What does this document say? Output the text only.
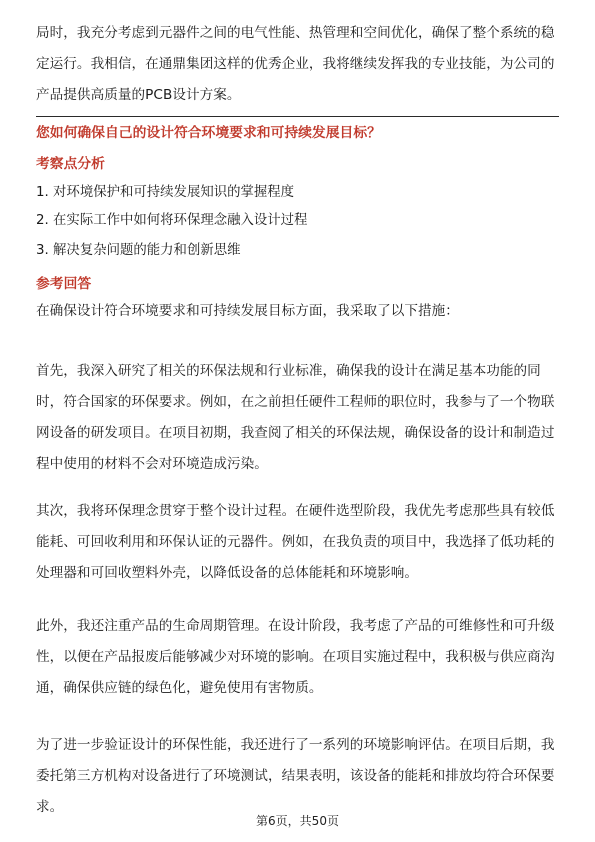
局时，我充分考虑到元器件之间的电气性能、热管理和空间优化，确保了整个系统的稳定运行。我相信，在通鼎集团这样的优秀企业，我将继续发挥我的专业技能，为公司的产品提供高质量的PCB设计方案。

您如何确保自己的设计符合环境要求和可持续发展目标？

考察点分析

1. 对环境保护和可持续发展知识的掌握程度

2. 在实际工作中如何将环保理念融入设计过程

3. 解决复杂问题的能力和创新思维

参考回答

在确保设计符合环境要求和可持续发展目标方面，我采取了以下措施：

首先，我深入研究了相关的环保法规和行业标准，确保我的设计在满足基本功能的同时，符合国家的环保要求。例如，在之前担任硬件工程师的职位时，我参与了一个物联网设备的研发项目。在项目初期，我查阅了相关的环保法规，确保设备的设计和制造过程中使用的材料不会对环境造成污染。

其次，我将环保理念贯穿于整个设计过程。在硬件选型阶段，我优先考虑那些具有较低能耗、可回收利用和环保认证的元器件。例如，在我负责的项目中，我选择了低功耗的处理器和可回收塑料外壳，以降低设备的总体能耗和环境影响。

此外，我还注重产品的生命周期管理。在设计阶段，我考虑了产品的可维修性和可升级性，以便在产品报废后能够减少对环境的影响。在项目实施过程中，我积极与供应商沟通，确保供应链的绿色化，避免使用有害物质。

为了进一步验证设计的环保性能，我还进行了一系列的环境影响评估。在项目后期，我委托第三方机构对设备进行了环境测试，结果表明，该设备的能耗和排放均符合环保要求。

第6页，共50页
